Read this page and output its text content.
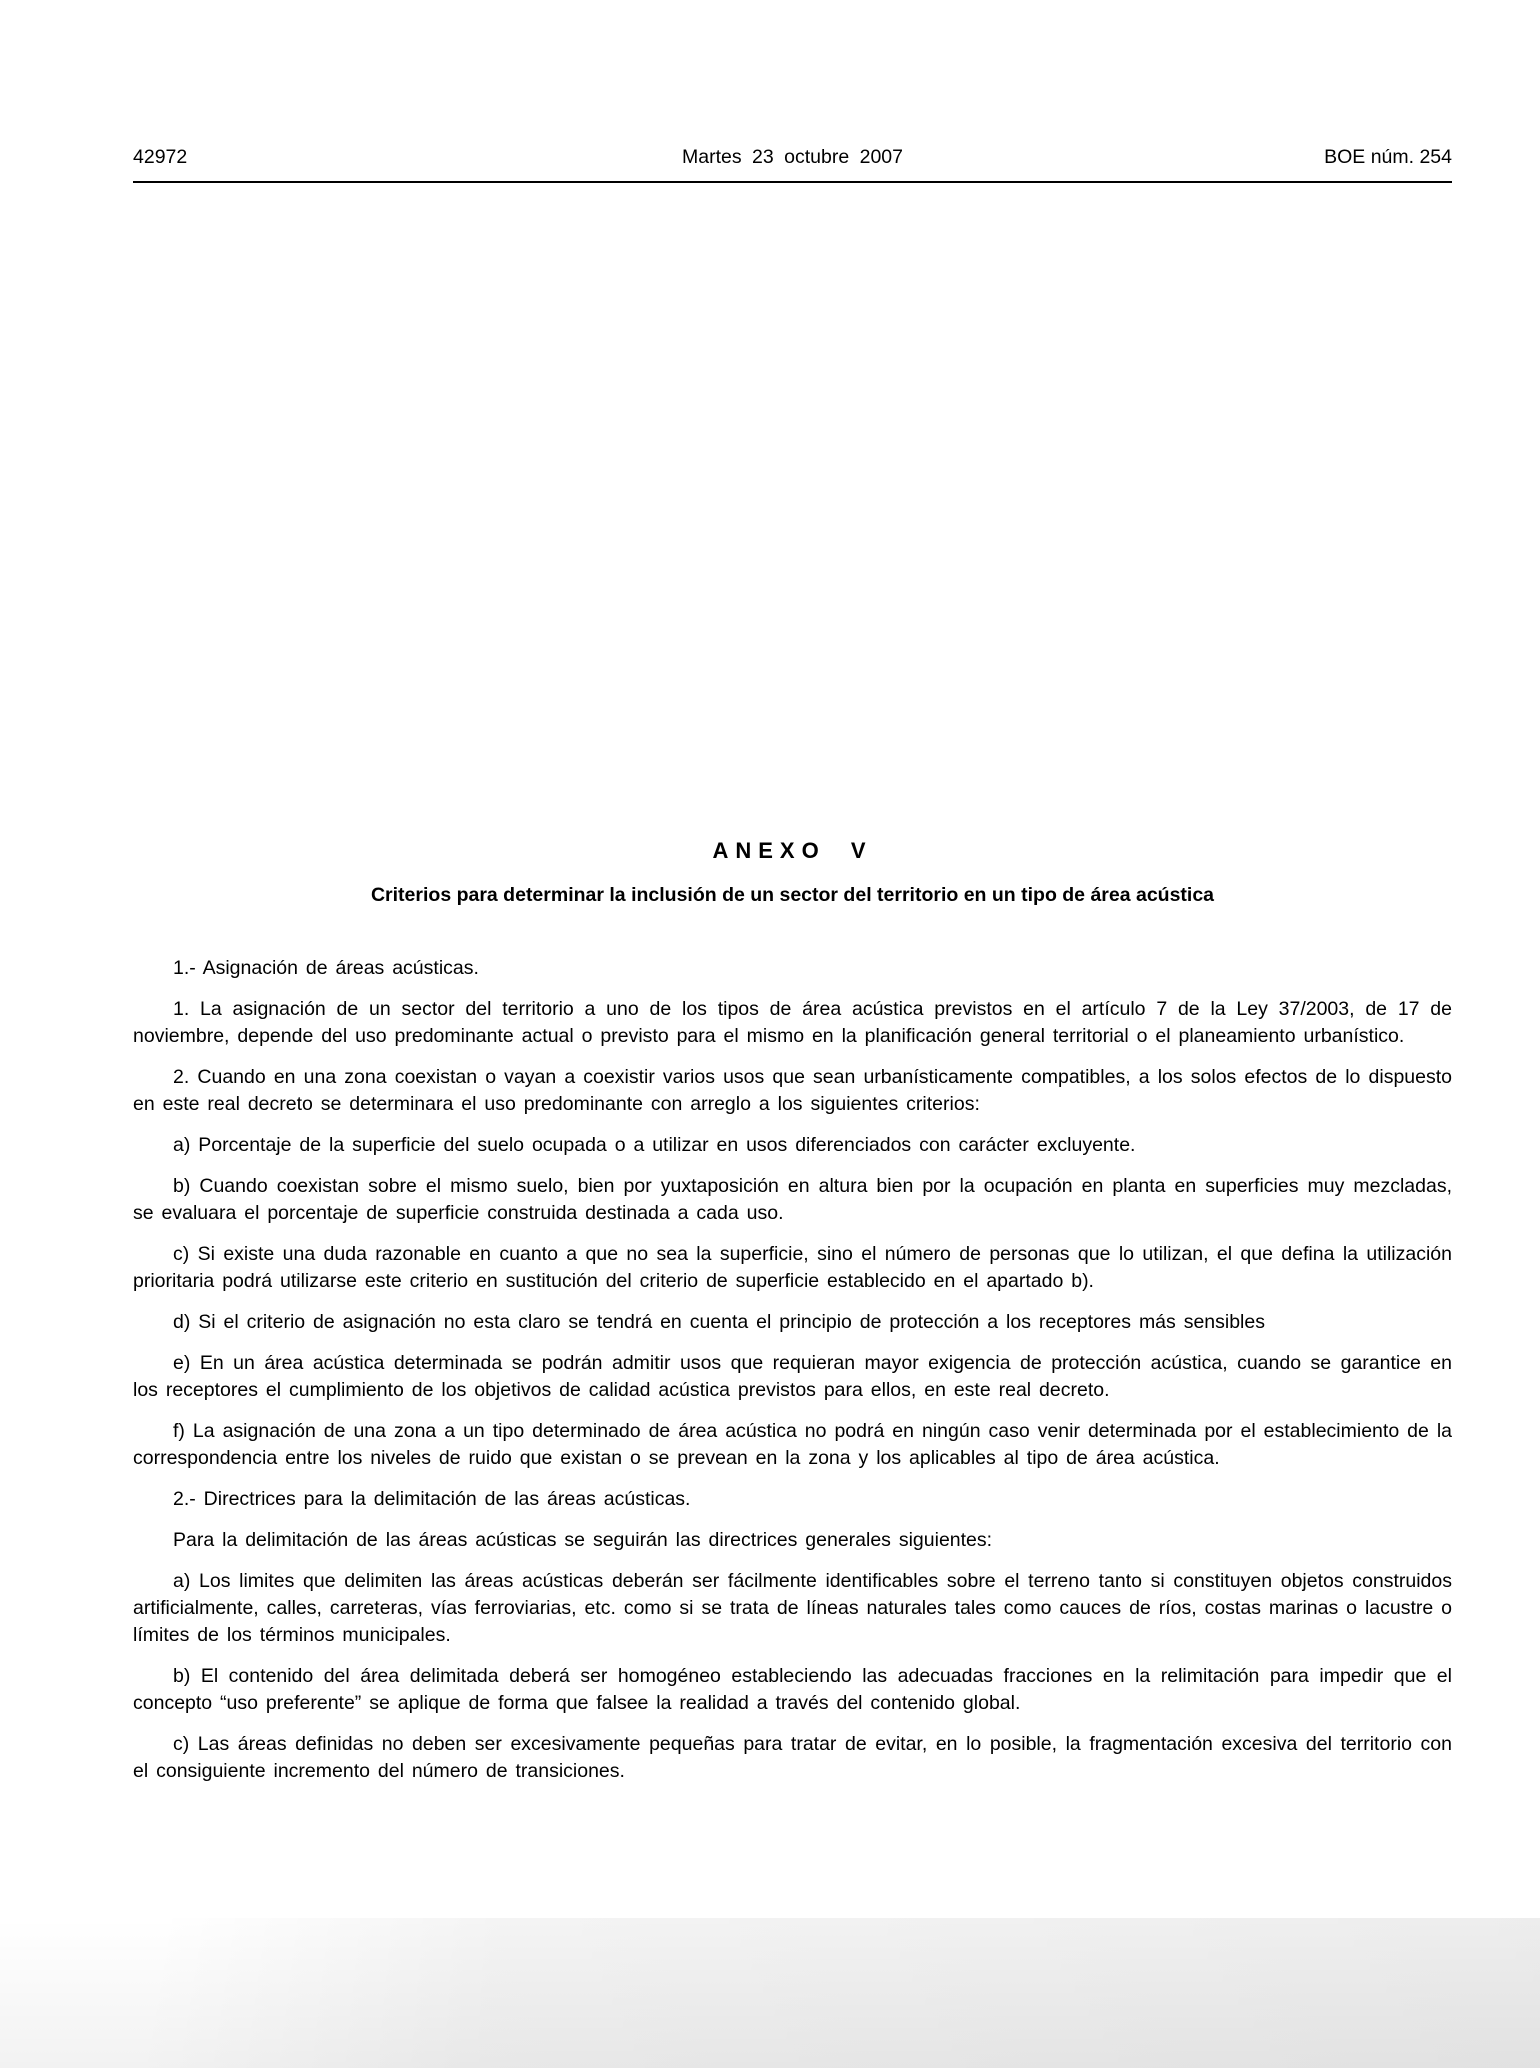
42972	Martes 23 octubre 2007	BOE núm. 254
ANEXO V
Criterios para determinar la inclusión de un sector del territorio en un tipo de área acústica

1.- Asignación de áreas acústicas.

1. La asignación de un sector del territorio a uno de los tipos de área acústica previstos en el artículo 7 de la Ley 37/2003, de 17 de noviembre, depende del uso predominante actual o previsto para el mismo en la planificación general territorial o el planeamiento urbanístico.

2. Cuando en una zona coexistan o vayan a coexistir varios usos que sean urbanísticamente compatibles, a los solos efectos de lo dispuesto en este real decreto se determinara el uso predominante con arreglo a los siguientes criterios:

a) Porcentaje de la superficie del suelo ocupada o a utilizar en usos diferenciados con carácter excluyente.

b) Cuando coexistan sobre el mismo suelo, bien por yuxtaposición en altura bien por la ocupación en planta en superficies muy mezcladas, se evaluara el porcentaje de superficie construida destinada a cada uso.

c) Si existe una duda razonable en cuanto a que no sea la superficie, sino el número de personas que lo utilizan, el que defina la utilización prioritaria podrá utilizarse este criterio en sustitución del criterio de superficie establecido en el apartado b).

d) Si el criterio de asignación no esta claro se tendrá en cuenta el principio de protección a los receptores más sensibles

e) En un área acústica determinada se podrán admitir usos que requieran mayor exigencia de protección acústica, cuando se garantice en los receptores el cumplimiento de los objetivos de calidad acústica previstos para ellos, en este real decreto.

f) La asignación de una zona a un tipo determinado de área acústica no podrá en ningún caso venir determinada por el establecimiento de la correspondencia entre los niveles de ruido que existan o se prevean en la zona y los aplicables al tipo de área acústica.

2.- Directrices para la delimitación de las áreas acústicas.

Para la delimitación de las áreas acústicas se seguirán las directrices generales siguientes:

a) Los limites que delimiten las áreas acústicas deberán ser fácilmente identificables sobre el terreno tanto si constituyen objetos construidos artificialmente, calles, carreteras, vías ferroviarias, etc. como si se trata de líneas naturales tales como cauces de ríos, costas marinas o lacustre o límites de los términos municipales.

b) El contenido del área delimitada deberá ser homogéneo estableciendo las adecuadas fracciones en la relimitación para impedir que el concepto “uso preferente” se aplique de forma que falsee la realidad a través del contenido global.

c) Las áreas definidas no deben ser excesivamente pequeñas para tratar de evitar, en lo posible, la fragmentación excesiva del territorio con el consiguiente incremento del número de transiciones.
